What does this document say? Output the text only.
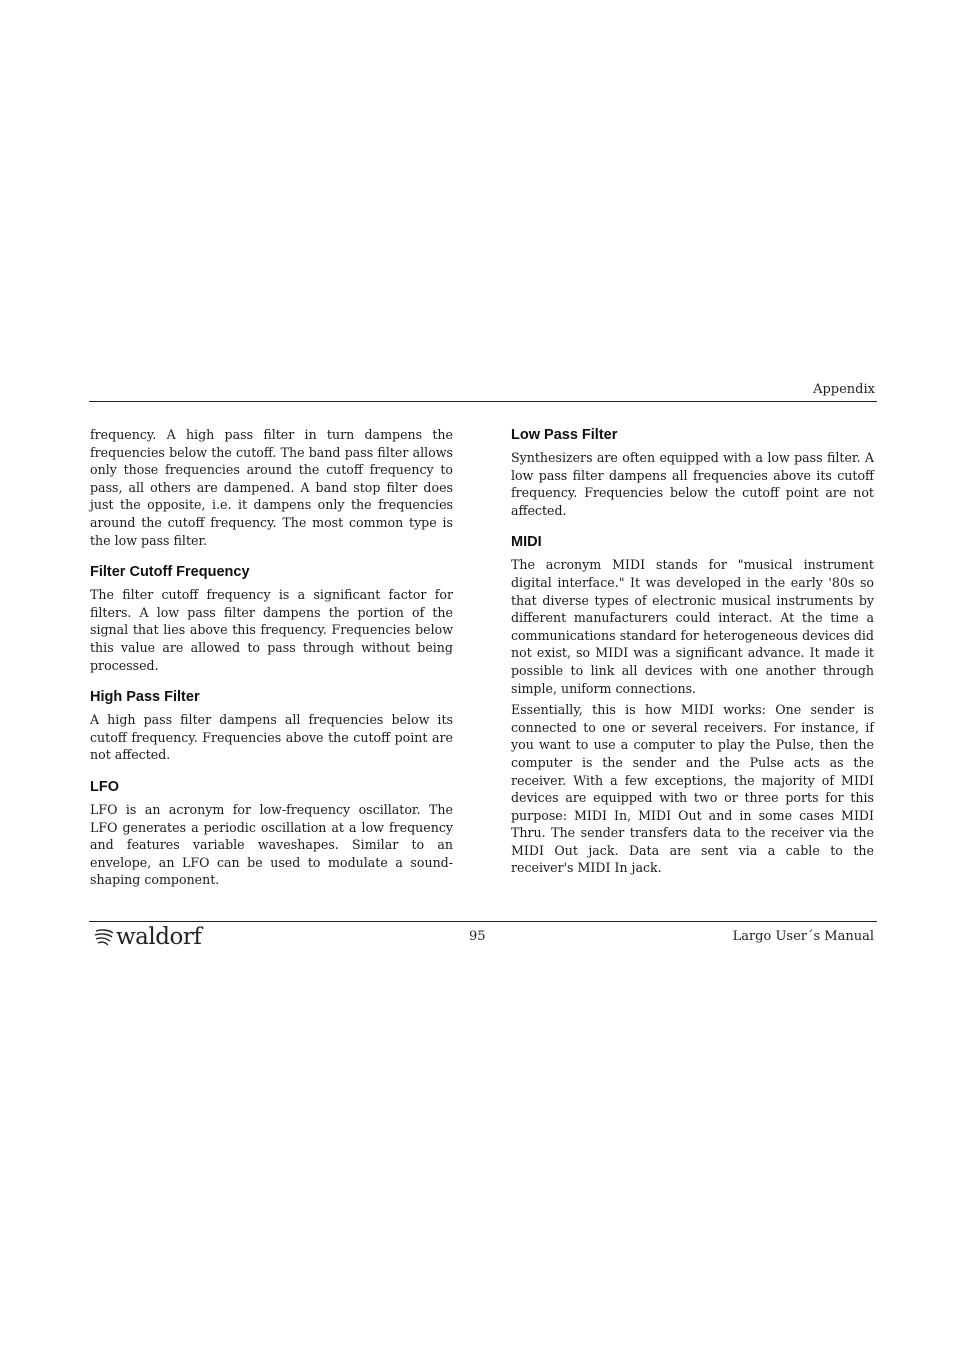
Appendix

frequency. A high pass filter in turn dampens the frequencies below the cutoff. The band pass filter allows only those frequencies around the cutoff frequency to pass, all others are dampened. A band stop filter does just the opposite, i.e. it dampens only the frequencies around the cutoff frequency. The most common type is the low pass filter.

Filter Cutoff Frequency

The filter cutoff frequency is a significant factor for filters. A low pass filter dampens the portion of the signal that lies above this frequency. Frequencies below this value are allowed to pass through without being processed.

High Pass Filter

A high pass filter dampens all frequencies below its cutoff frequency. Frequencies above the cutoff point are not affected.

LFO

LFO is an acronym for low-frequency oscillator. The LFO generates a periodic oscillation at a low frequency and features variable waveshapes. Similar to an envelope, an LFO can be used to modulate a sound-shaping component.

Low Pass Filter

Synthesizers are often equipped with a low pass filter. A low pass filter dampens all frequencies above its cutoff frequency. Frequencies below the cutoff point are not affected.

MIDI

The acronym MIDI stands for "musical instrument digital interface." It was developed in the early '80s so that diverse types of electronic musical instruments by different manufacturers could interact. At the time a communications standard for heterogeneous devices did not exist, so MIDI was a significant advance. It made it possible to link all devices with one another through simple, uniform connections.

Essentially, this is how MIDI works: One sender is connected to one or several receivers. For instance, if you want to use a computer to play the Pulse, then the computer is the sender and the Pulse acts as the receiver. With a few exceptions, the majority of MIDI devices are equipped with two or three ports for this purpose: MIDI In, MIDI Out and in some cases MIDI Thru. The sender transfers data to the receiver via the MIDI Out jack. Data are sent via a cable to the receiver's MIDI In jack.

waldorf	95	Largo User´s Manual
